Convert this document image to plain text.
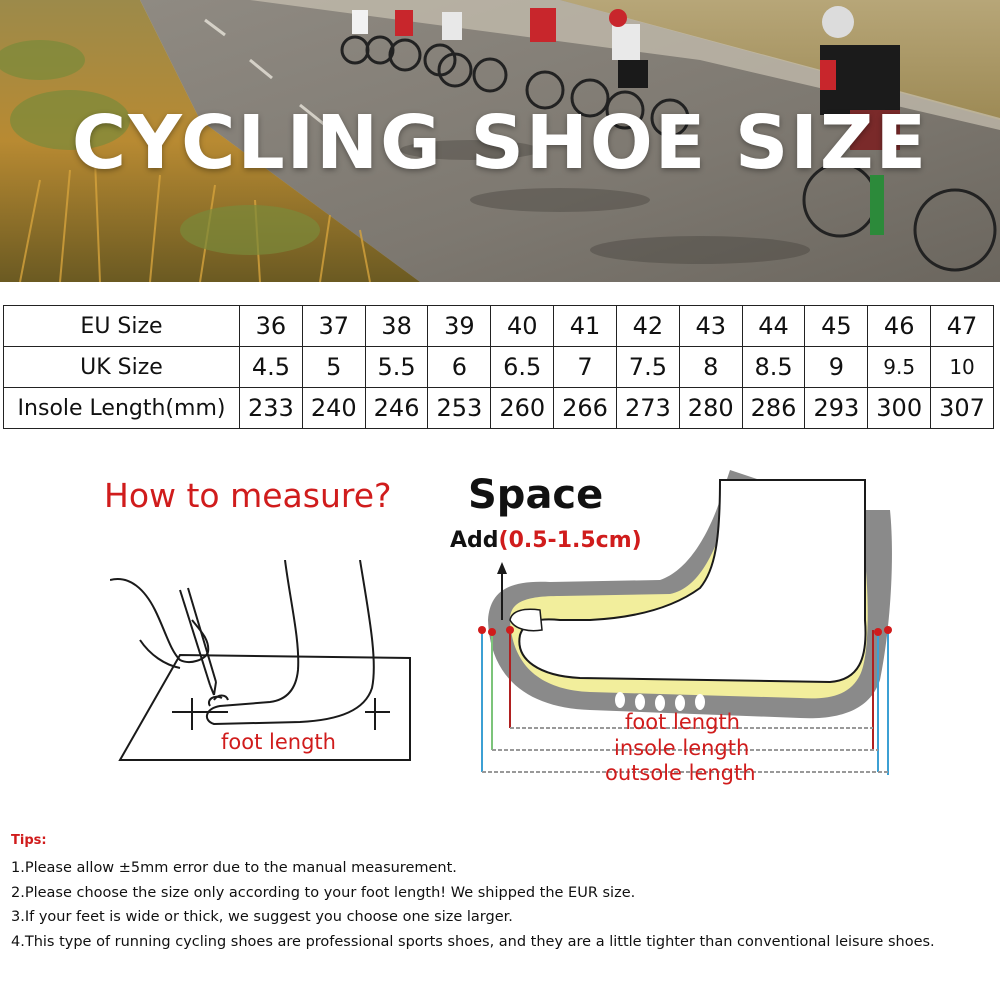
CYCLING SHOE SIZE
EU Size	36	37	38	39	40	41	42	43	44	45	46	47
UK Size	4.5	5	5.5	6	6.5	7	7.5	8	8.5	9	9.5	10
Insole Length(mm)	233	240	246	253	260	266	273	280	286	293	300	307
How to measure?
foot length
Space
Add(0.5-1.5cm)
foot length
insole length
outsole length
Tips:
1.Please allow ±5mm error due to the manual measurement.
2.Please choose the size only according to your foot length! We shipped the EUR size.
3.If your feet is wide or thick, we suggest you choose one size larger.
4.This type of running cycling shoes are professional sports shoes, and they are a little tighter than conventional leisure shoes.
